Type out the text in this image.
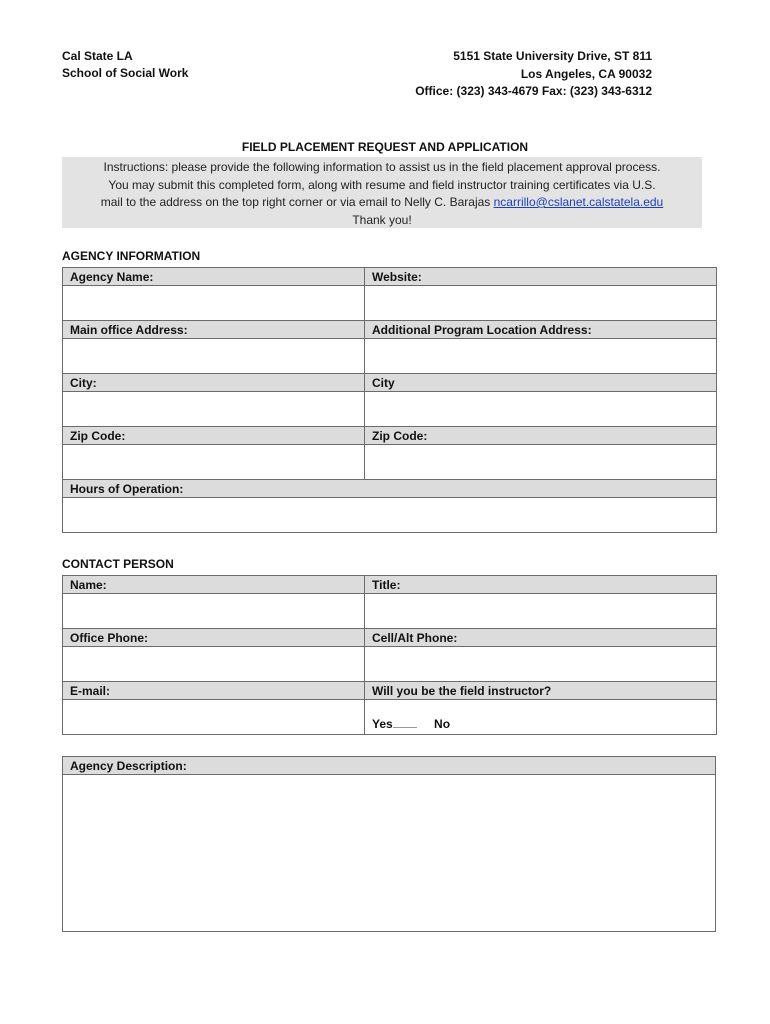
Cal State LA
School of Social Work
5151 State University Drive, ST 811
Los Angeles, CA 90032
Office: (323) 343-4679 Fax: (323) 343-6312
FIELD PLACEMENT REQUEST AND APPLICATION
Instructions: please provide the following information to assist us in the field placement approval process.
You may submit this completed form, along with resume and field instructor training certificates via U.S.
mail to the address on the top right corner or via email to Nelly C. Barajas ncarrillo@cslanet.calstatela.edu
Thank you!
AGENCY INFORMATION
Agency Name:	Website:

Main office Address:	Additional Program Location Address:

City:	City

Zip Code:	Zip Code:

Hours of Operation:	

CONTACT PERSON
Name:	Title:

Office Phone:	Cell/Alt Phone:

E-mail:	Will you be the field instructor?
	Yes No
Agency Description:
